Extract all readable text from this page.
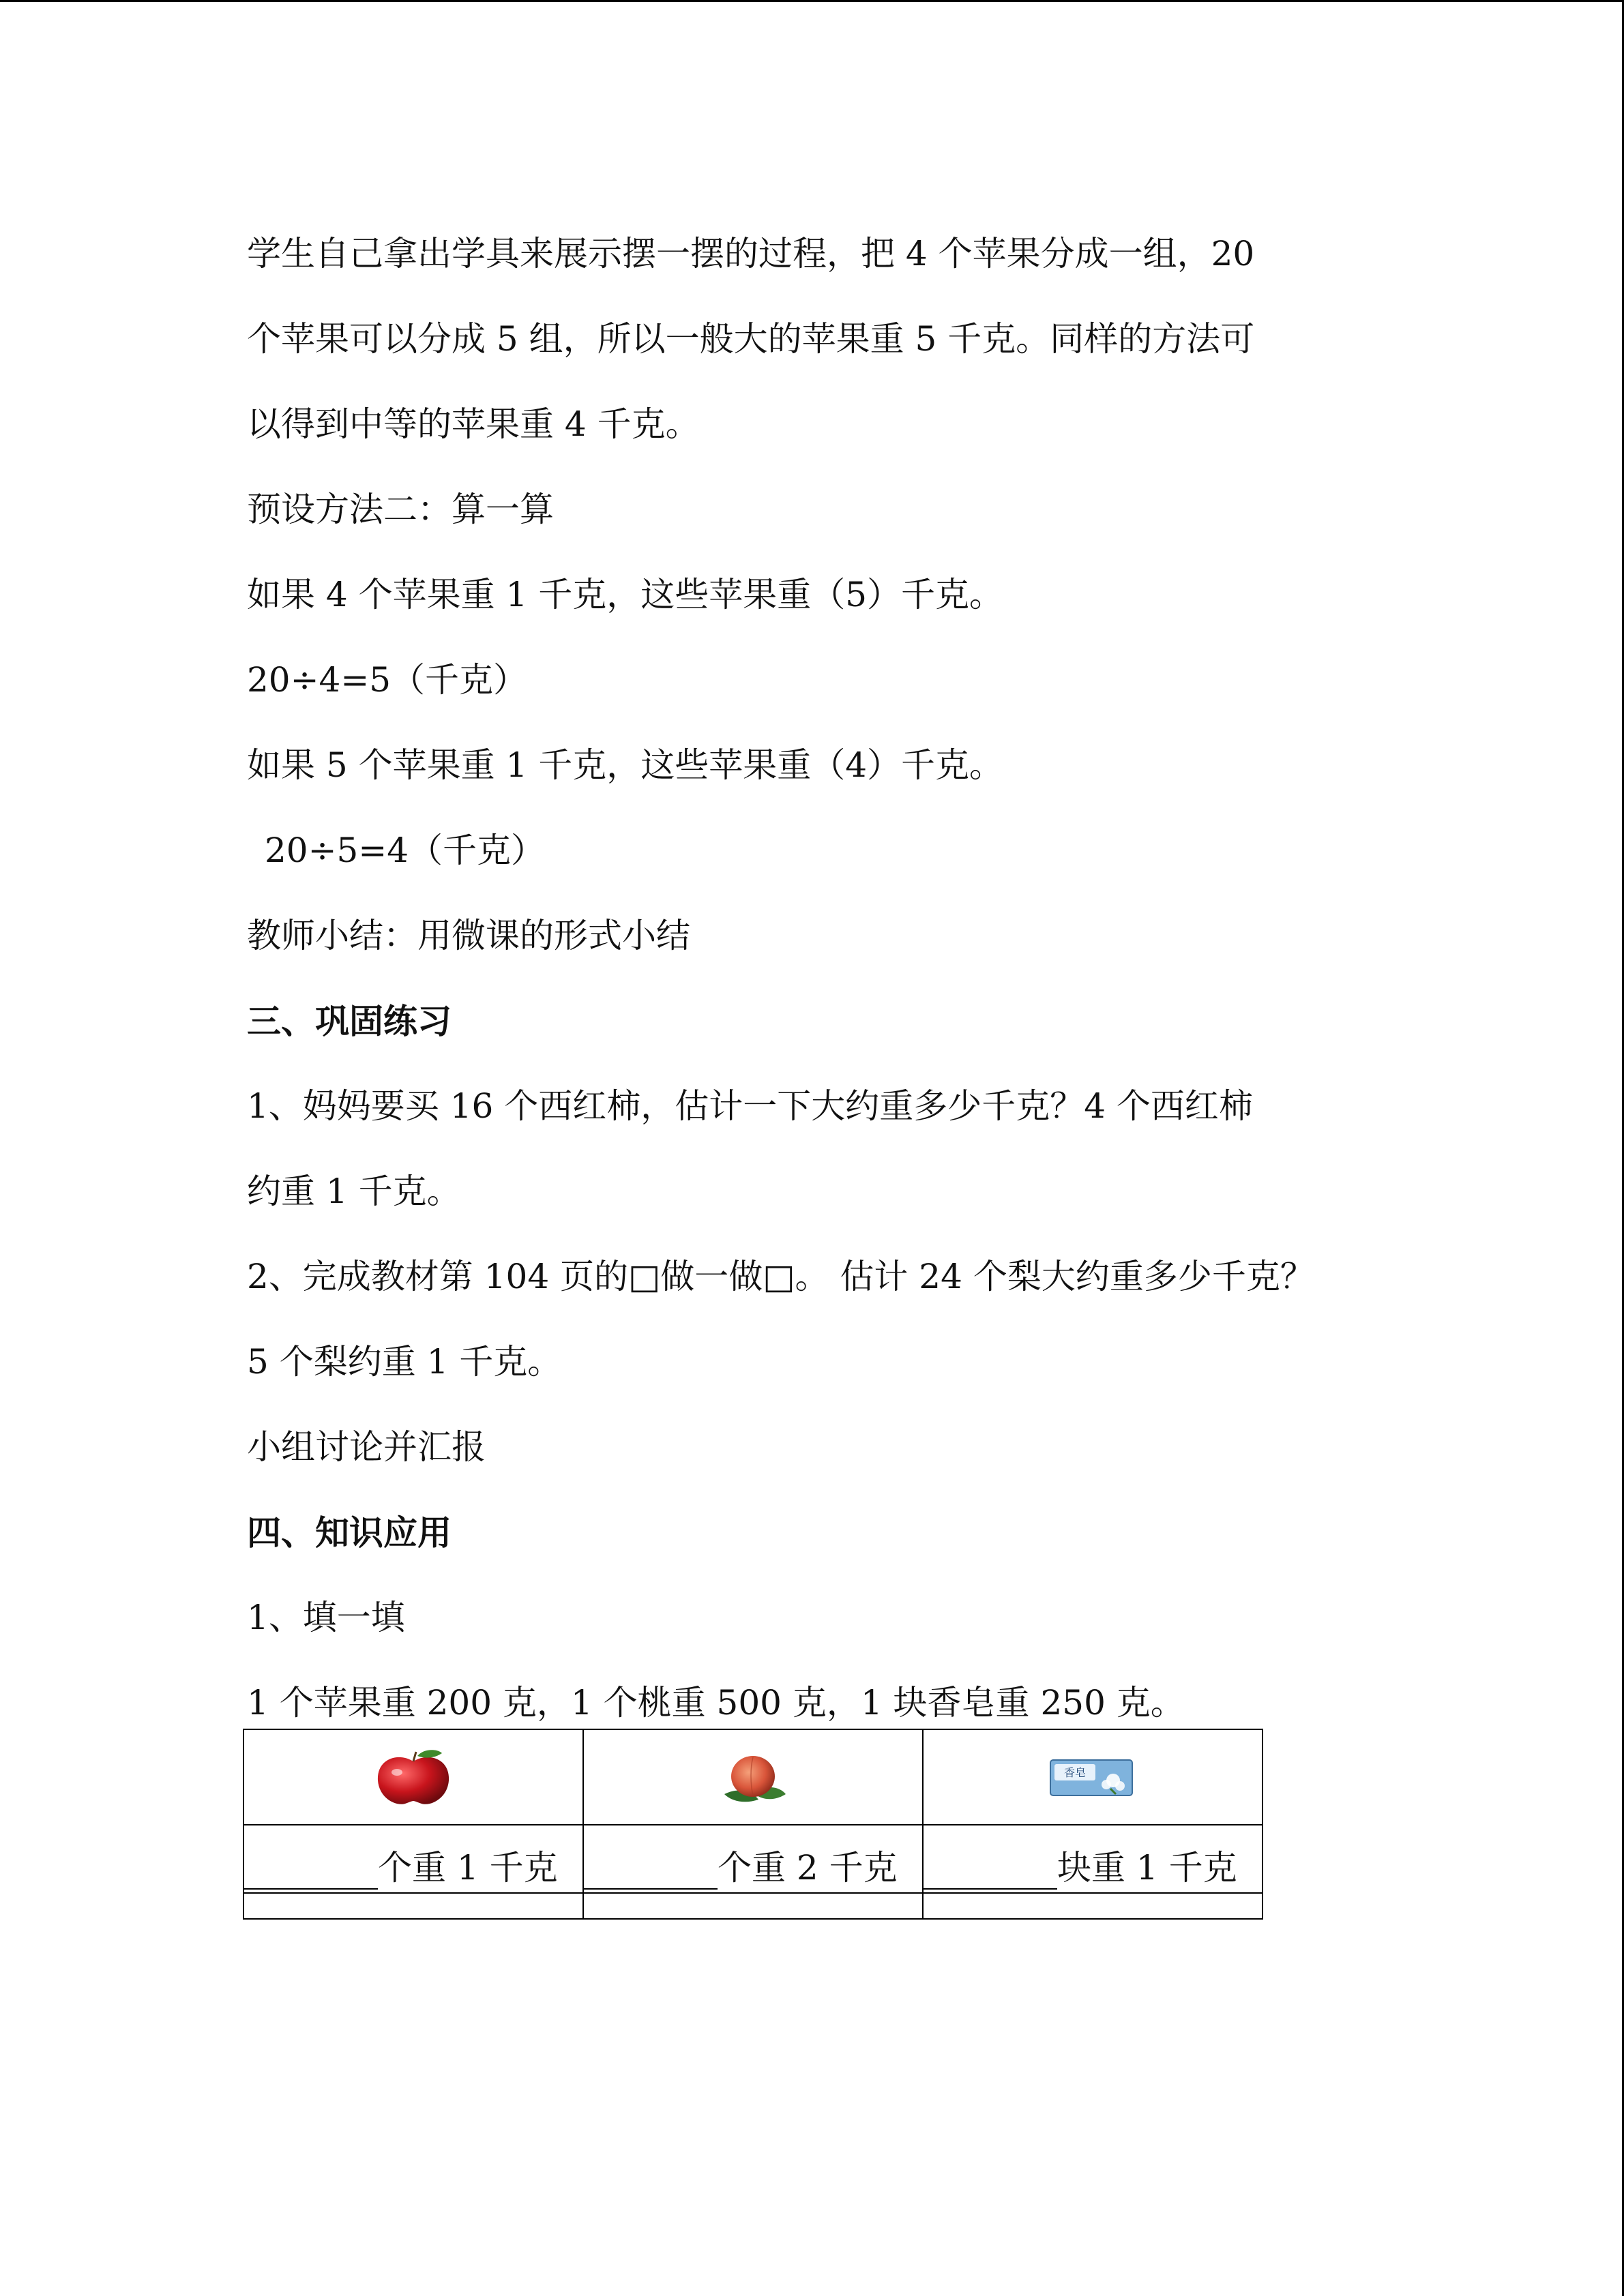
学生自己拿出学具来展示摆一摆的过程，把 4 个苹果分成一组，20
个苹果可以分成 5 组，所以一般大的苹果重 5 千克。同样的方法可
以得到中等的苹果重 4 千克。
预设方法二：算一算
如果 4 个苹果重 1 千克，这些苹果重（5）千克。
20÷4=5（千克）
如果 5 个苹果重 1 千克，这些苹果重（4）千克。
20÷5=4（千克）
教师小结：用微课的形式小结
三、巩固练习
1、妈妈要买 16 个西红柿，估计一下大约重多少千克？4 个西红柿
约重 1 千克。
2、完成教材第 104 页的□做一做□。 估计 24 个梨大约重多少千克？
5 个梨约重 1 千克。
小组讨论并汇报
四、知识应用
1、填一填
1 个苹果重 200 克，1 个桃重 500 克，1 块香皂重 250 克。

香皂

个重 1 千克	个重 2 千克	块重 1 千克
